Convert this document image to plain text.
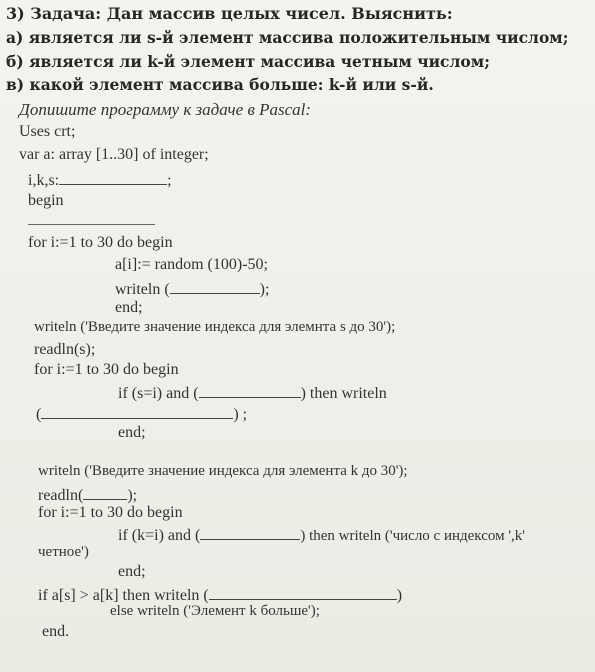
3) Задача: Дан массив целых чисел. Выяснить:
а) является ли s-й элемент массива положительным числом;
б) является ли k-й элемент массива четным числом;
в) какой элемент массива больше: k-й или s-й.
Допишите программу к задаче в Pascal:
Uses crt;
var a: array [1..30] of integer;
i,k,s:	;
begin
for i:=1 to 30 do begin
a[i]:= random (100)-50;
writeln (	);
end;
writeln ('Введите значение индекса для элемнта s до 30');
readln(s);
for i:=1 to 30 do begin
if (s=i) and (	) then writeln
(	) ;
end;
writeln ('Введите значение индекса для элемента k до 30');
readln(	);
for i:=1 to 30 do begin
if (k=i) and (	) then writeln ('число с индексом ',k'
четное')
end;
if a[s] > a[k] then writeln (	)
else writeln ('Элемент k больше');
end.
